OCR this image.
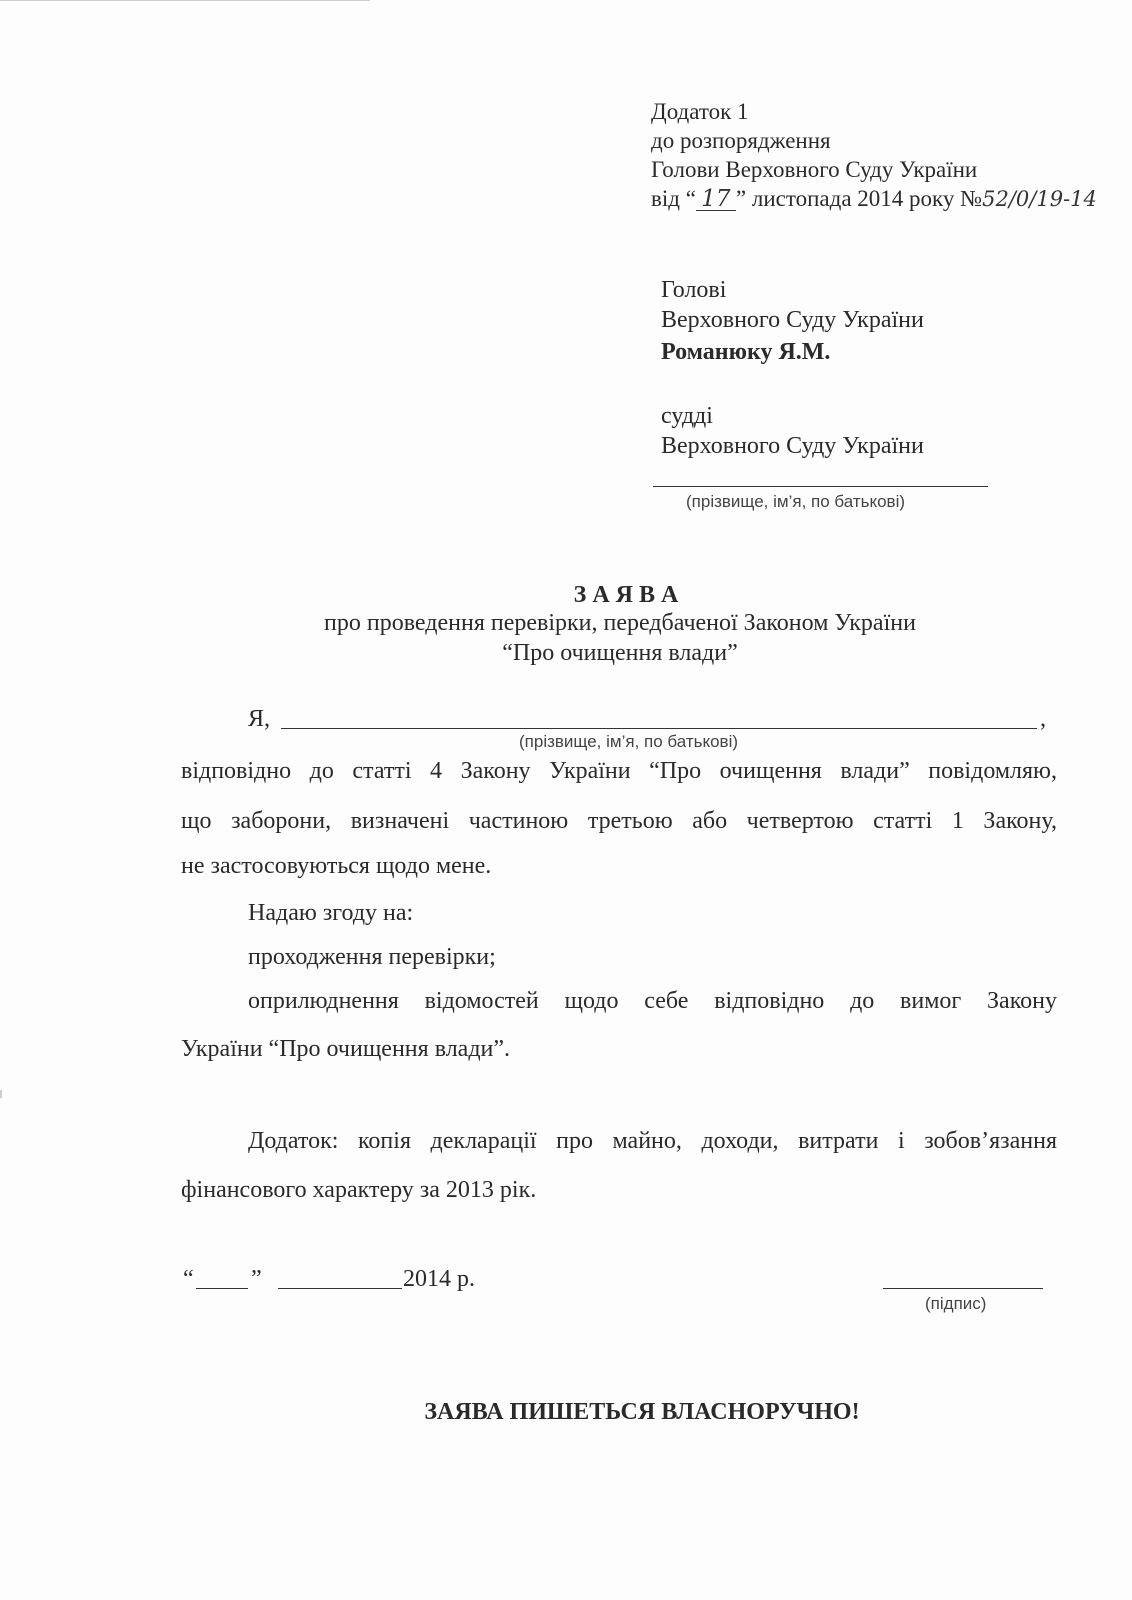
Додаток 1
до розпорядження
Голови Верховного Суду України
від “ 17 ” листопада 2014 року №52/0/19-14
Голові
Верховного Суду України
Романюку Я.М.
судді
Верховного Суду України
(прізвище, ім’я, по батькові)
З А Я В А
про проведення перевірки, передбаченої Законом України
“Про очищення влади”
Я,	,
(прізвище, ім’я, по батькові)
відповідно до статті 4 Закону України “Про очищення влади” повідомляю,
що заборони, визначені частиною третьою або четвертою статті 1 Закону,
не застосовуються щодо мене.
Надаю згоду на:
проходження перевірки;
оприлюднення відомостей щодо себе відповідно до вимог Закону
України “Про очищення влади”.
Додаток: копія декларації про майно, доходи, витрати і зобов’язання
фінансового характеру за 2013 рік.
“ ”	2014 р.
(підпис)
ЗАЯВА ПИШЕТЬСЯ ВЛАСНОРУЧНО!
